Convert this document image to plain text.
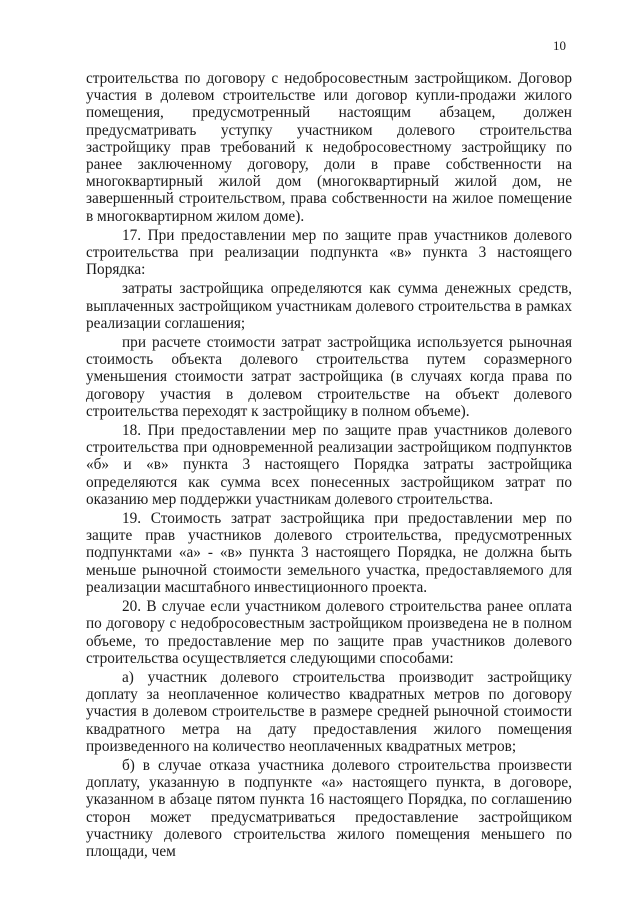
10

строительства по договору с недобросовестным застройщиком. Договор участия в долевом строительстве или договор купли-продажи жилого помещения, предусмотренный настоящим абзацем, должен предусматривать уступку участником долевого строительства застройщику прав требований к недобросовестному застройщику по ранее заключенному договору, доли в праве собственности на многоквартирный жилой дом (многоквартирный жилой дом, не завершенный строительством, права собственности на жилое помещение в многоквартирном жилом доме).

17. При предоставлении мер по защите прав участников долевого строительства при реализации подпункта «в» пункта 3 настоящего Порядка:

затраты застройщика определяются как сумма денежных средств, выплаченных застройщиком участникам долевого строительства в рамках реализации соглашения;

при расчете стоимости затрат застройщика используется рыночная стоимость объекта долевого строительства путем соразмерного уменьшения стоимости затрат застройщика (в случаях когда права по договору участия в долевом строительстве на объект долевого строительства переходят к застройщику в полном объеме).

18. При предоставлении мер по защите прав участников долевого строительства при одновременной реализации застройщиком подпунктов «б» и «в» пункта 3 настоящего Порядка затраты застройщика определяются как сумма всех понесенных застройщиком затрат по оказанию мер поддержки участникам долевого строительства.

19. Стоимость затрат застройщика при предоставлении мер по защите прав участников долевого строительства, предусмотренных подпунктами «а» - «в» пункта 3 настоящего Порядка, не должна быть меньше рыночной стоимости земельного участка, предоставляемого для реализации масштабного инвестиционного проекта.

20. В случае если участником долевого строительства ранее оплата по договору с недобросовестным застройщиком произведена не в полном объеме, то предоставление мер по защите прав участников долевого строительства осуществляется следующими способами:

а) участник долевого строительства производит застройщику доплату за неоплаченное количество квадратных метров по договору участия в долевом строительстве в размере средней рыночной стоимости квадратного метра на дату предоставления жилого помещения произведенного на количество неоплаченных квадратных метров;

б) в случае отказа участника долевого строительства произвести доплату, указанную в подпункте «а» настоящего пункта, в договоре, указанном в абзаце пятом пункта 16 настоящего Порядка, по соглашению сторон может предусматриваться предоставление застройщиком участнику долевого строительства жилого помещения меньшего по площади, чем
